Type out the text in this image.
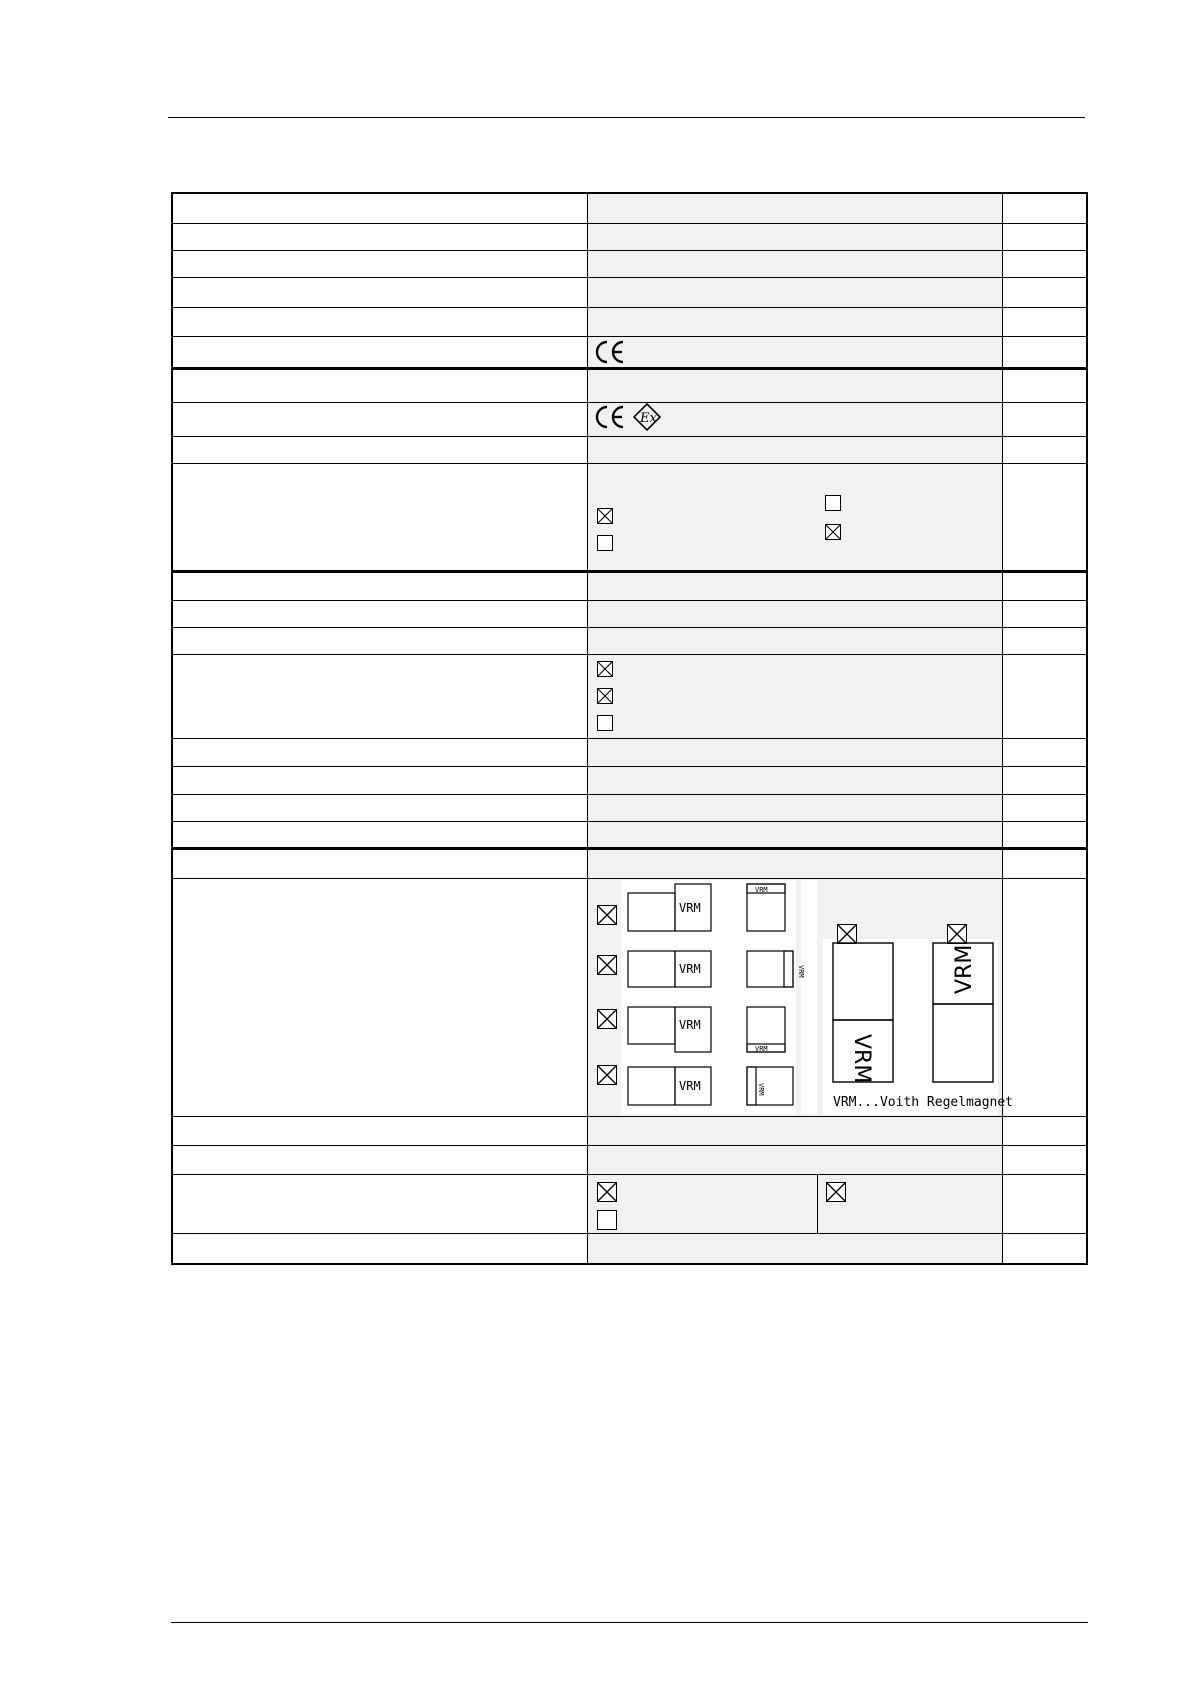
Ex
VRM
VRM
VRM	VRM
VRM
VRM
VRM	VRM
VRM
VRM
VRM...Voith Regelmagnet
